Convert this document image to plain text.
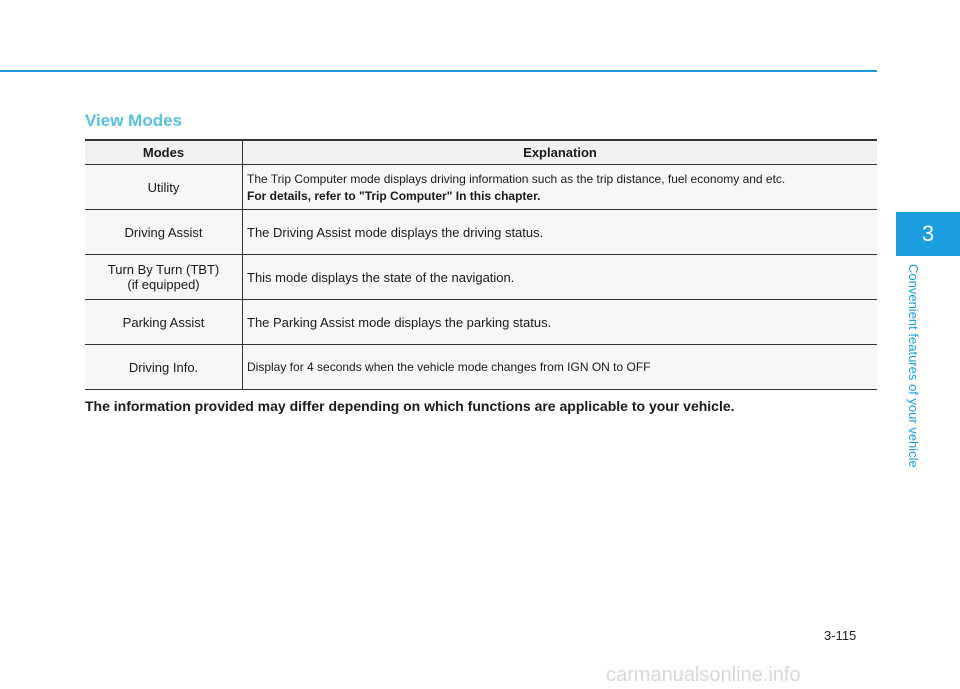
View Modes
Modes	Explanation
Utility	The Trip Computer mode displays driving information such as the trip distance, fuel economy and etc.
For details, refer to "Trip Computer" In this chapter.

Driving Assist	The Driving Assist mode displays the driving status.

Turn By Turn (TBT)
(if equipped)	This mode displays the state of the navigation.
Parking Assist	The Parking Assist mode displays the parking status.
Driving Info.	Display for 4 seconds when the vehicle mode changes from IGN ON to OFF

The information provided may differ depending on which functions are applicable to your vehicle.

3
Convenient features of your vehicle
3-115
carmanualsonline.info
